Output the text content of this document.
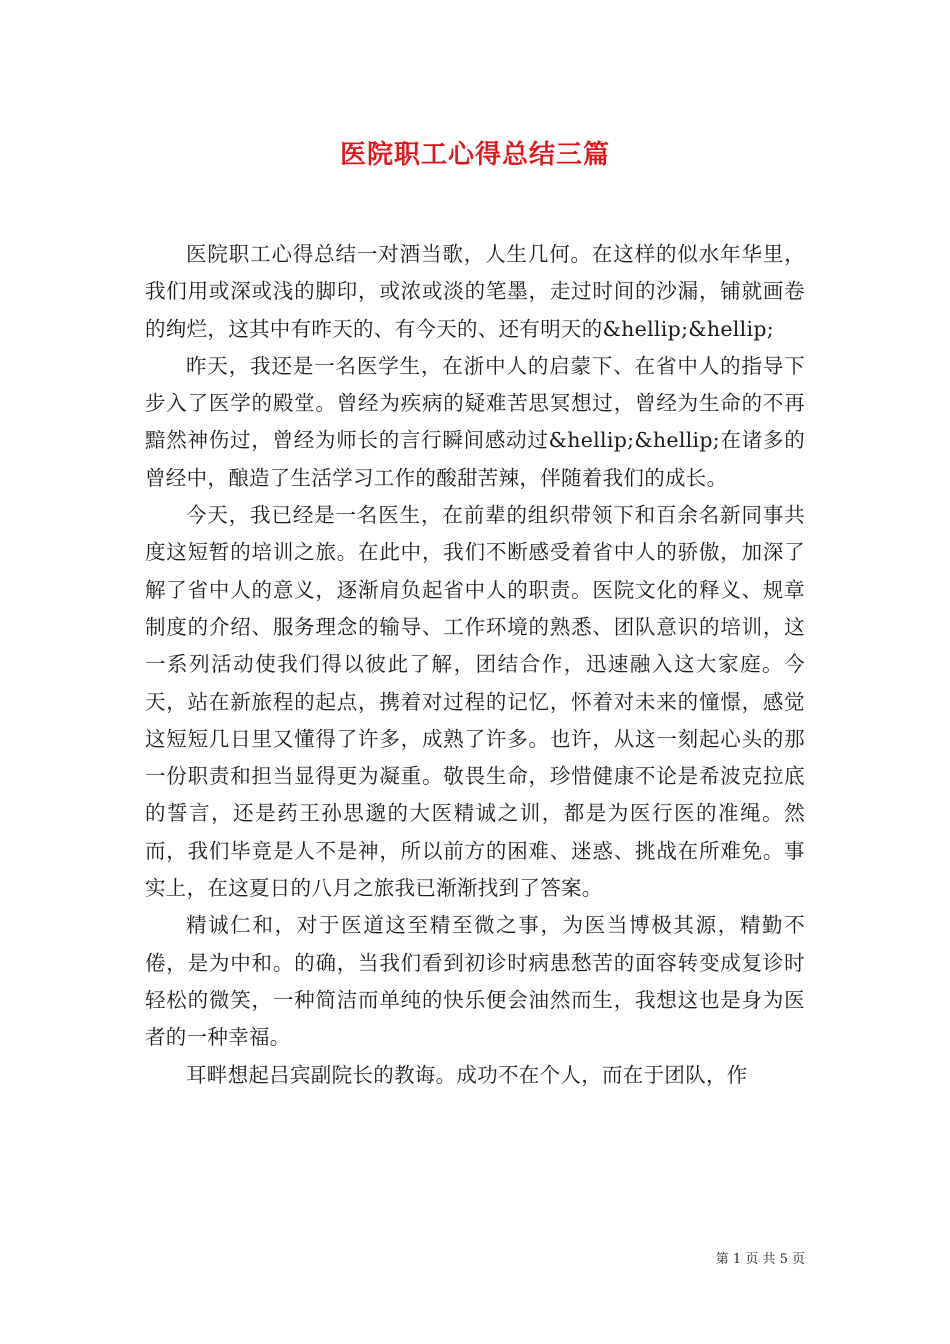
医院职工心得总结三篇

医院职工心得总结一对酒当歌，人生几何。在这样的似水年华里，我们用或深或浅的脚印，或浓或淡的笔墨，走过时间的沙漏，铺就画卷的绚烂，这其中有昨天的、有今天的、还有明天的&hellip;&hellip;

昨天，我还是一名医学生，在浙中人的启蒙下、在省中人的指导下步入了医学的殿堂。曾经为疾病的疑难苦思冥想过，曾经为生命的不再黯然神伤过，曾经为师长的言行瞬间感动过&hellip;&hellip;在诸多的曾经中，酿造了生活学习工作的酸甜苦辣，伴随着我们的成长。

今天，我已经是一名医生，在前辈的组织带领下和百余名新同事共度这短暂的培训之旅。在此中，我们不断感受着省中人的骄傲，加深了解了省中人的意义，逐渐肩负起省中人的职责。医院文化的释义、规章制度的介绍、服务理念的输导、工作环境的熟悉、团队意识的培训，这一系列活动使我们得以彼此了解，团结合作，迅速融入这大家庭。今天，站在新旅程的起点，携着对过程的记忆，怀着对未来的憧憬，感觉这短短几日里又懂得了许多，成熟了许多。也许，从这一刻起心头的那一份职责和担当显得更为凝重。敬畏生命，珍惜健康不论是希波克拉底的誓言，还是药王孙思邈的大医精诚之训，都是为医行医的准绳。然而，我们毕竟是人不是神，所以前方的困难、迷惑、挑战在所难免。事实上，在这夏日的八月之旅我已渐渐找到了答案。

精诚仁和，对于医道这至精至微之事，为医当博极其源，精勤不倦，是为中和。的确，当我们看到初诊时病患愁苦的面容转变成复诊时轻松的微笑，一种简洁而单纯的快乐便会油然而生，我想这也是身为医者的一种幸福。

耳畔想起吕宾副院长的教诲。成功不在个人，而在于团队，作

第 1 页 共 5 页
